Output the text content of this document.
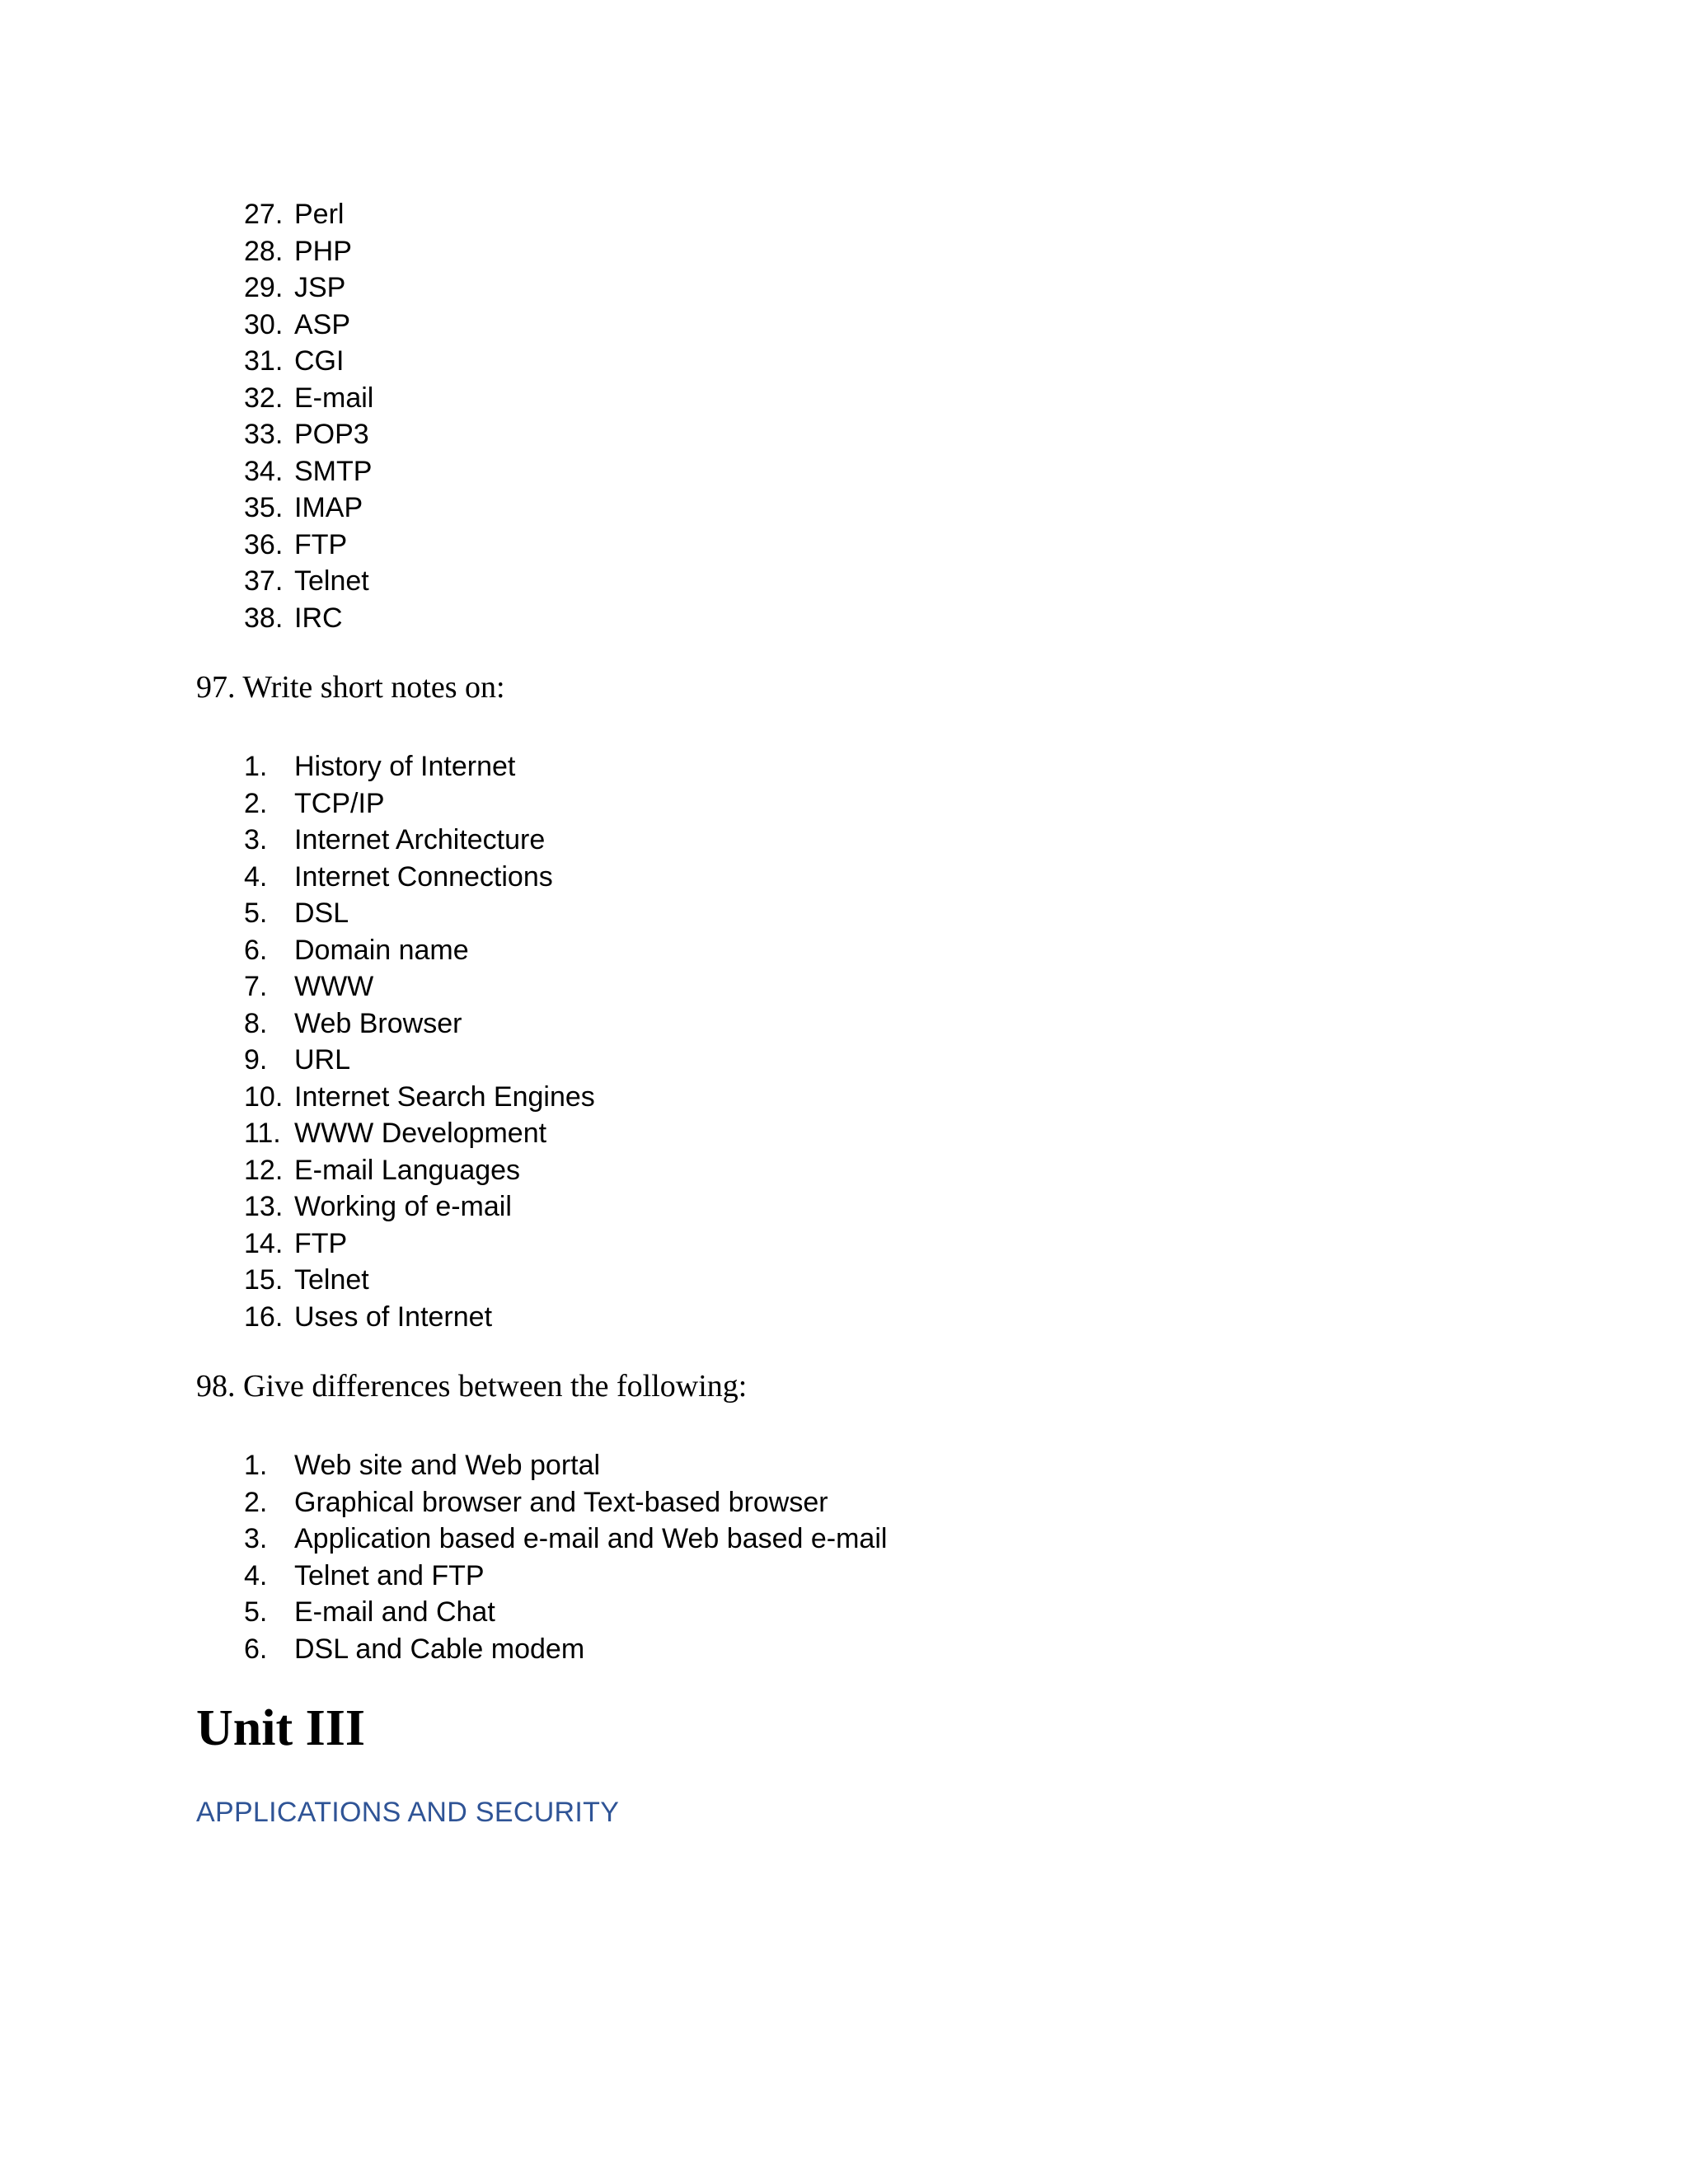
27. Perl
28. PHP
29. JSP
30. ASP
31. CGI
32. E-mail
33. POP3
34. SMTP
35. IMAP
36. FTP
37. Telnet
38. IRC
97. Write short notes on:
1. History of Internet
2. TCP/IP
3. Internet Architecture
4. Internet Connections
5. DSL
6. Domain name
7. WWW
8. Web Browser
9. URL
10. Internet Search Engines
11. WWW Development
12. E-mail Languages
13. Working of e-mail
14. FTP
15. Telnet
16. Uses of Internet
98. Give differences between the following:
1. Web site and Web portal
2. Graphical browser and Text-based browser
3. Application based e-mail and Web based e-mail
4. Telnet and FTP
5. E-mail and Chat
6. DSL and Cable modem
Unit III
APPLICATIONS AND SECURITY
